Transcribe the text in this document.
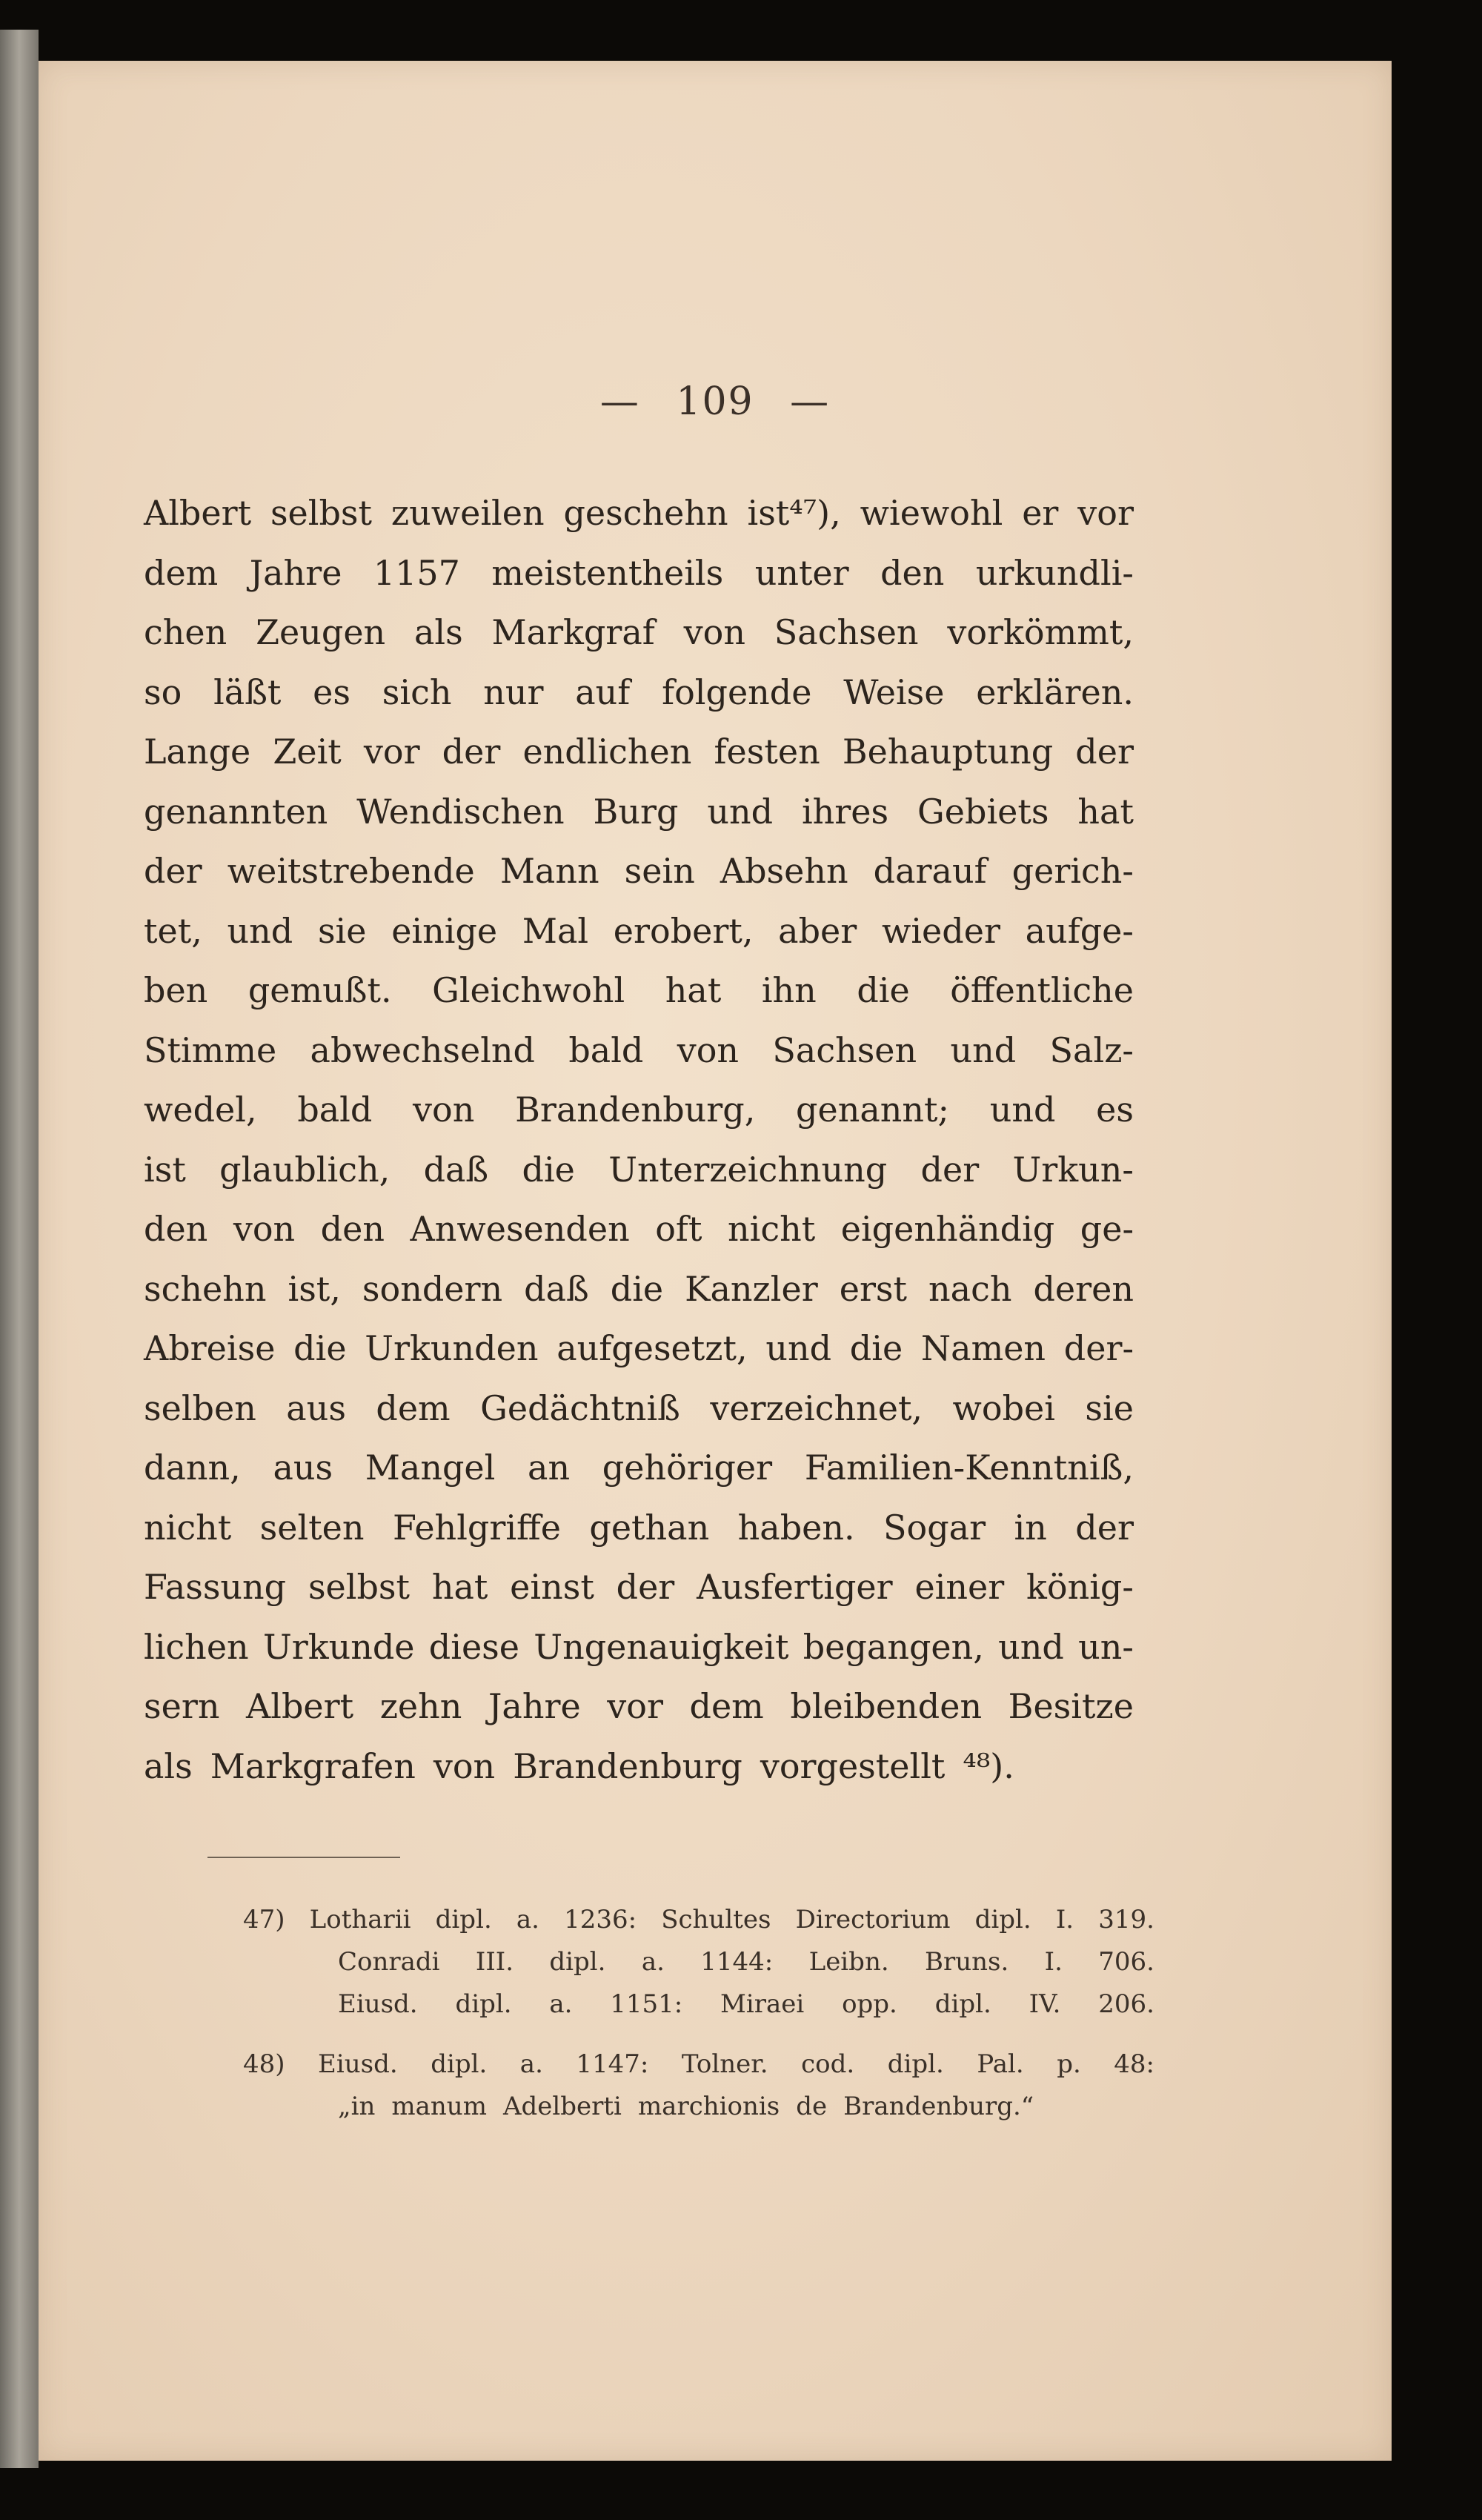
— 109 —
Albert selbst zuweilen geschehn ist⁴⁷), wiewohl er vor
dem Jahre 1157 meistentheils unter den urkundli-
chen Zeugen als Markgraf von Sachsen vorkömmt,
so läßt es sich nur auf folgende Weise erklären.
Lange Zeit vor der endlichen festen Behauptung der
genannten Wendischen Burg und ihres Gebiets hat
der weitstrebende Mann sein Absehn darauf gerich-
tet, und sie einige Mal erobert, aber wieder aufge-
ben gemußt. Gleichwohl hat ihn die öffentliche
Stimme abwechselnd bald von Sachsen und Salz-
wedel, bald von Brandenburg, genannt; und es
ist glaublich, daß die Unterzeichnung der Urkun-
den von den Anwesenden oft nicht eigenhändig ge-
schehn ist, sondern daß die Kanzler erst nach deren
Abreise die Urkunden aufgesetzt, und die Namen der-
selben aus dem Gedächtniß verzeichnet, wobei sie
dann, aus Mangel an gehöriger Familien-Kenntniß,
nicht selten Fehlgriffe gethan haben. Sogar in der
Fassung selbst hat einst der Ausfertiger einer könig-
lichen Urkunde diese Ungenauigkeit begangen, und un-
sern Albert zehn Jahre vor dem bleibenden Besitze
als Markgrafen von Brandenburg vorgestellt ⁴⁸).
47) Lotharii dipl. a. 1236: Schultes Directorium dipl. I. 319.
Conradi III. dipl. a. 1144: Leibn. Bruns. I. 706.
Eiusd. dipl. a. 1151: Miraei opp. dipl. IV. 206.
48) Eiusd. dipl. a. 1147: Tolner. cod. dipl. Pal. p. 48:
„in manum Adelberti marchionis de Brandenburg.“
